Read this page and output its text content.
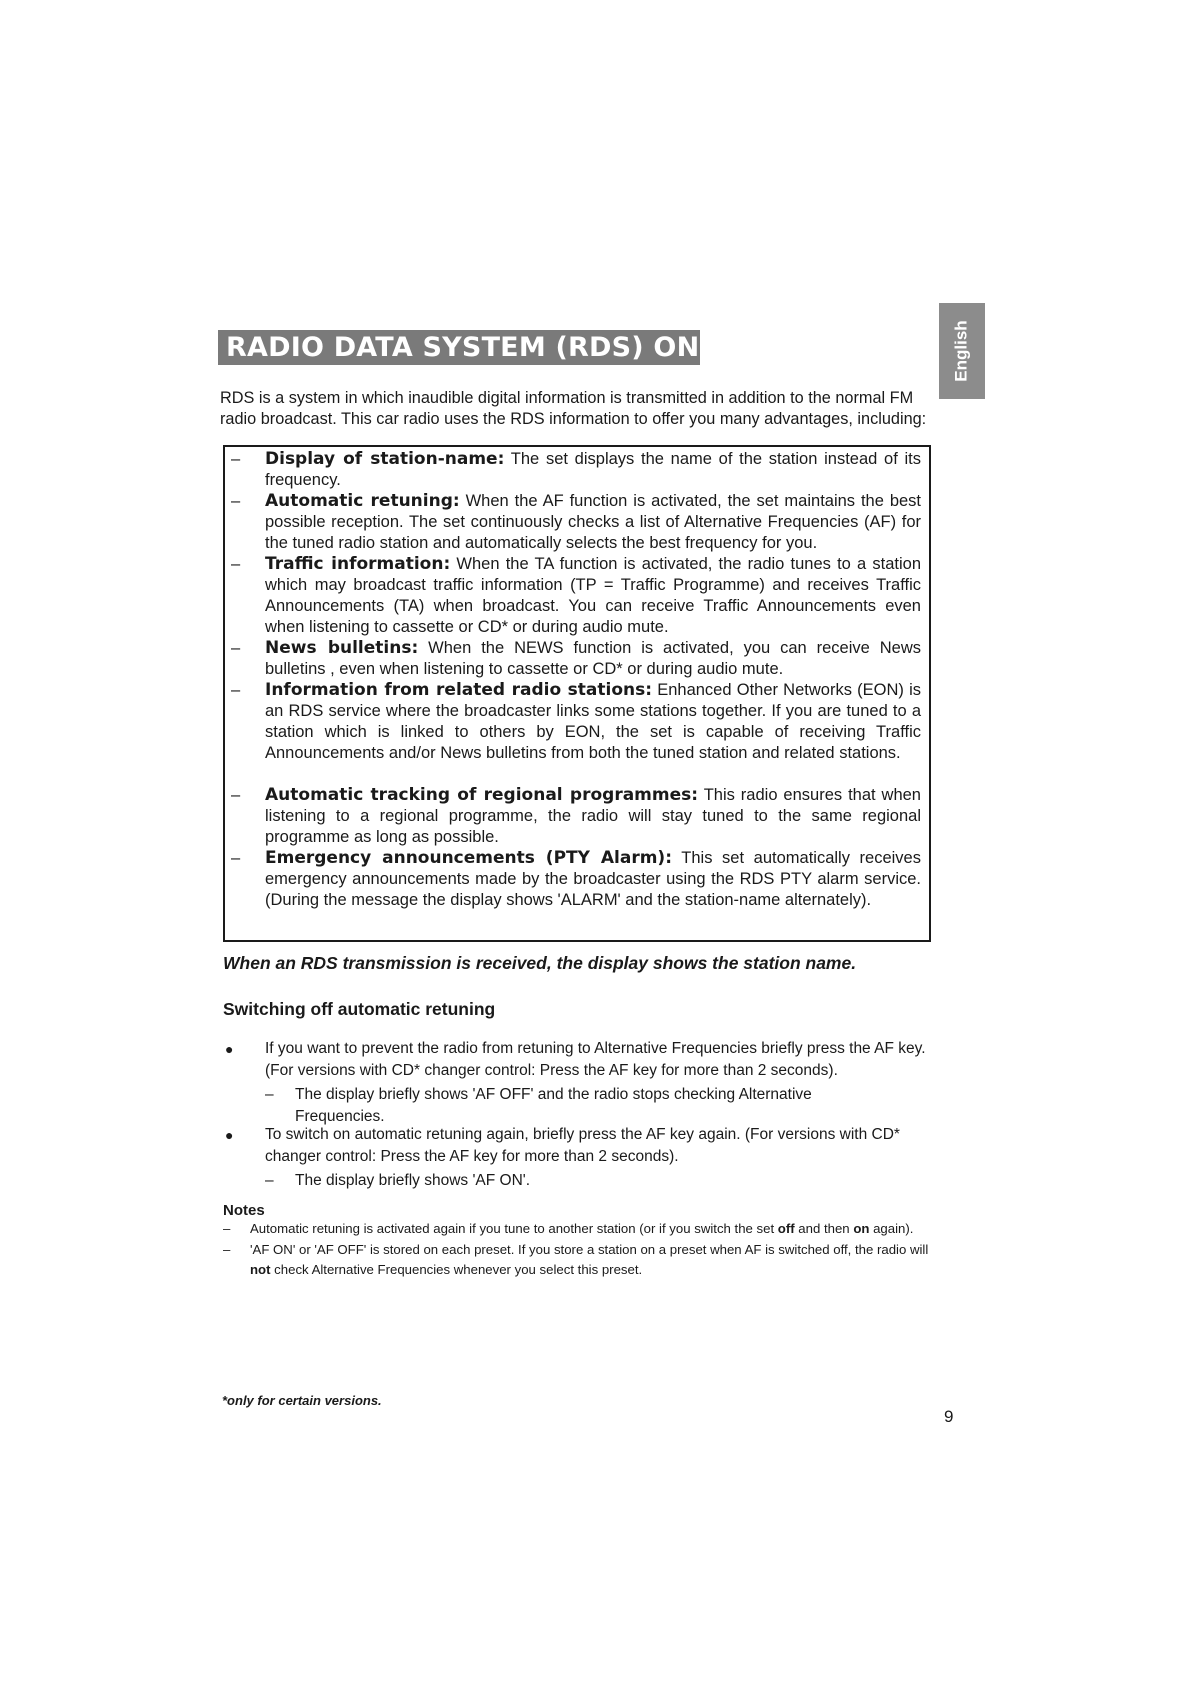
RADIO DATA SYSTEM (RDS) ON FM	English
RDS is a system in which inaudible digital information is transmitted in addition to the normal FM radio broadcast. This car radio uses the RDS information to offer you many advantages, including:
–	Display of station-name: The set displays the name of the station instead of its frequency.
–	Automatic retuning: When the AF function is activated, the set maintains the best possible reception. The set continuously checks a list of Alternative Frequencies (AF) for the tuned radio station and automatically selects the best frequency for you.
–	Traffic information: When the TA function is activated, the radio tunes to a station which may broadcast traffic information (TP = Traffic Programme) and receives Traffic Announcements (TA) when broadcast. You can receive Traffic Announcements even when listening to cassette or CD* or during audio mute.
–	News bulletins: When the NEWS function is activated, you can receive News bulletins , even when listening to cassette or CD* or during audio mute.
–	Information from related radio stations: Enhanced Other Networks (EON) is an RDS service where the broadcaster links some stations together. If you are tuned to a station which is linked to others by EON, the set is capable of receiving Traffic Announcements and/or News bulletins from both the tuned station and related stations.
–	Automatic tracking of regional programmes: This radio ensures that when listening to a regional programme, the radio will stay tuned to the same regional programme as long as possible.
–	Emergency announcements (PTY Alarm): This set automatically receives emergency announcements made by the broadcaster using the RDS PTY alarm service. (During the message the display shows 'ALARM' and the station-name alternately).
When an RDS transmission is received, the display shows the station name.
Switching off automatic retuning
●	If you want to prevent the radio from retuning to Alternative Frequencies briefly press the AF key. (For versions with CD* changer control: Press the AF key for more than 2 seconds).
–	The display briefly shows 'AF OFF' and the radio stops checking Alternative Frequencies.
●	To switch on automatic retuning again, briefly press the AF key again. (For versions with CD* changer control: Press the AF key for more than 2 seconds).
–	The display briefly shows 'AF ON'.
Notes
–	Automatic retuning is activated again if you tune to another station (or if you switch the set off and then on again).
–	'AF ON' or 'AF OFF' is stored on each preset. If you store a station on a preset when AF is switched off, the radio will not check Alternative Frequencies whenever you select this preset.
*only for certain versions.
9
